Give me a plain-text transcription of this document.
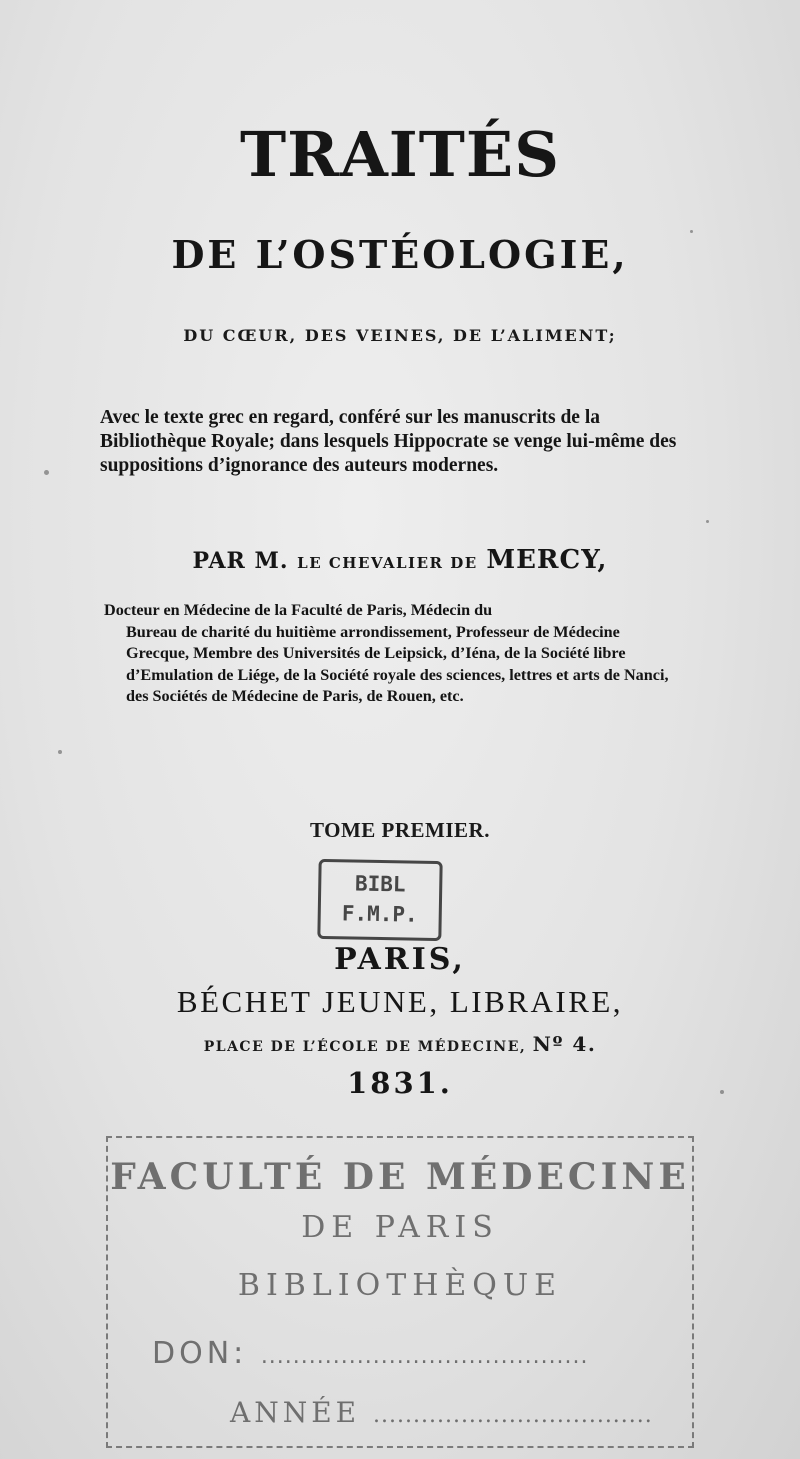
TRAITÉS
DE L’OSTÉOLOGIE,
DU CŒUR, DES VEINES, DE L’ALIMENT;
Avec le texte grec en regard, conféré sur les manuscrits de la Bibliothèque Royale; dans lesquels Hippocrate se venge lui-même des suppositions d’ignorance des auteurs modernes.
PAR M. LE CHEVALIER DE MERCY,
Docteur en Médecine de la Faculté de Paris, Médecin du
Bureau de charité du huitième arrondissement, Professeur de Médecine Grecque, Membre des Universités de Leipsick, d’Iéna, de la Société libre d’Emulation de Liége, de la Société royale des sciences, lettres et arts de Nanci, des Sociétés de Médecine de Paris, de Rouen, etc.
TOME PREMIER.
BIBL
F.M.P.
PARIS,
BÉCHET JEUNE, LIBRAIRE,
PLACE DE L’ÉCOLE DE MÉDECINE, Nº 4.
1831.
FACULTÉ DE MÉDECINE
DE PARIS
BIBLIOTHÈQUE
DON: .........................................
ANNÉE ...................................
